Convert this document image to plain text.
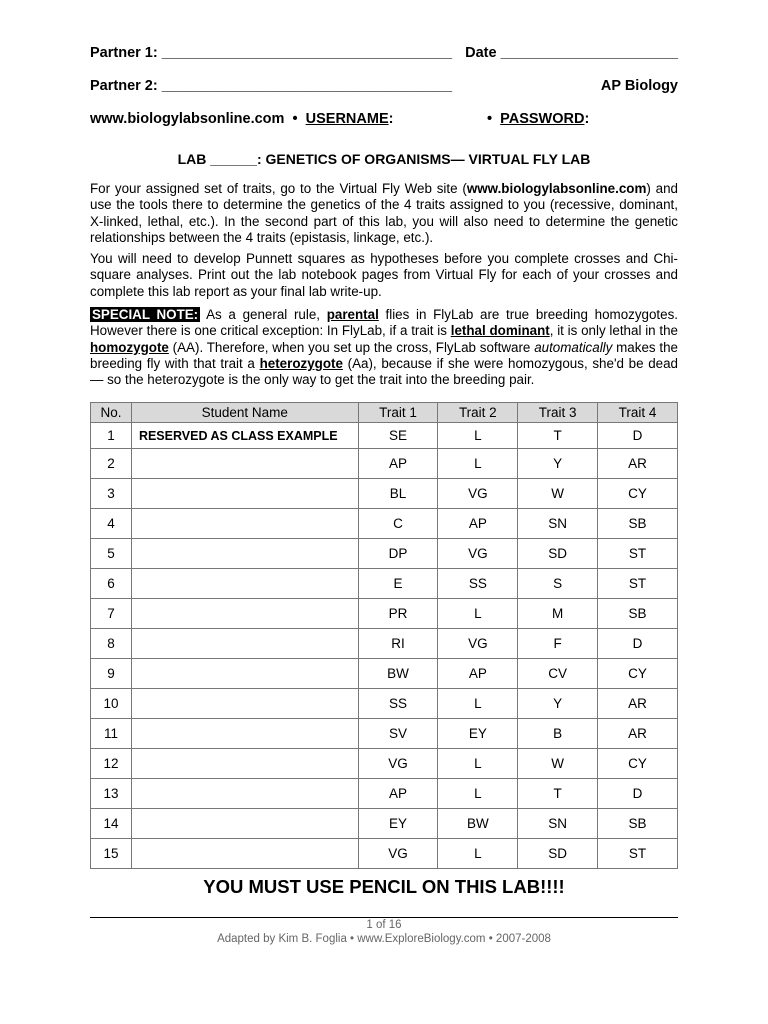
Partner 1: ____________________________________ Date ______________________
Partner 2: ____________________________________	AP Biology
www.biologylabsonline.com • USERNAME:	• PASSWORD:
LAB ______: GENETICS OF ORGANISMS— VIRTUAL FLY LAB
For your assigned set of traits, go to the Virtual Fly Web site (www.biologylabsonline.com) and use the tools there to determine the genetics of the 4 traits assigned to you (recessive, dominant, X-linked, lethal, etc.). In the second part of this lab, you will also need to determine the genetic relationships between the 4 traits (epistasis, linkage, etc.).
You will need to develop Punnett squares as hypotheses before you complete crosses and Chi-square analyses. Print out the lab notebook pages from Virtual Fly for each of your crosses and complete this lab report as your final lab write-up.
SPECIAL NOTE: As a general rule, parental flies in FlyLab are true breeding homozygotes. However there is one critical exception: In FlyLab, if a trait is lethal dominant, it is only lethal in the homozygote (AA). Therefore, when you set up the cross, FlyLab software automatically makes the breeding fly with that trait a heterozygote (Aa), because if she were homozygous, she'd be dead — so the heterozygote is the only way to get the trait into the breeding pair.
No.	Student Name	Trait 1	Trait 2	Trait 3	Trait 4
1	RESERVED AS CLASS EXAMPLE	SE	L	T	D
2		AP	L	Y	AR
3		BL	VG	W	CY
4		C	AP	SN	SB
5		DP	VG	SD	ST
6		E	SS	S	ST
7		PR	L	M	SB
8		RI	VG	F	D
9		BW	AP	CV	CY
10		SS	L	Y	AR
11		SV	EY	B	AR
12		VG	L	W	CY
13		AP	L	T	D
14		EY	BW	SN	SB
15		VG	L	SD	ST
YOU MUST USE PENCIL ON THIS LAB!!!!
1 of 16
Adapted by Kim B. Foglia • www.ExploreBiology.com • 2007-2008
